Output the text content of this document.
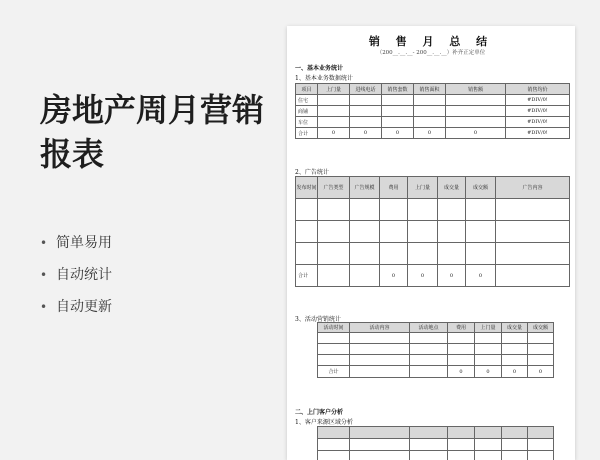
房地产周月营销报表
• 简单易用
• 自动统计
• 自动更新
销 售 月 总 结
（200__.__.__- 200__.__.__）补齐正定单位
一、基本业务统计
1、基本业务数据统计
项目	上门量	进线电话	销售套数	销售面积	销售额	销售均价
住宅						#DIV/0!
商铺						#DIV/0!
车位						#DIV/0!
合计	0	0	0	0	0	#DIV/0!
2、广告统计
发布时间	广告类型	广告规模	费用	上门量	成交量	成交额	广告内容

合计			0	0	0	0	
3、活动营销统计
活动时间	活动内容	活动地点	费用	上门量	成交量	成交额

合计			0	0	0	0
二、上门客户分析
1、客户来源区域分析
